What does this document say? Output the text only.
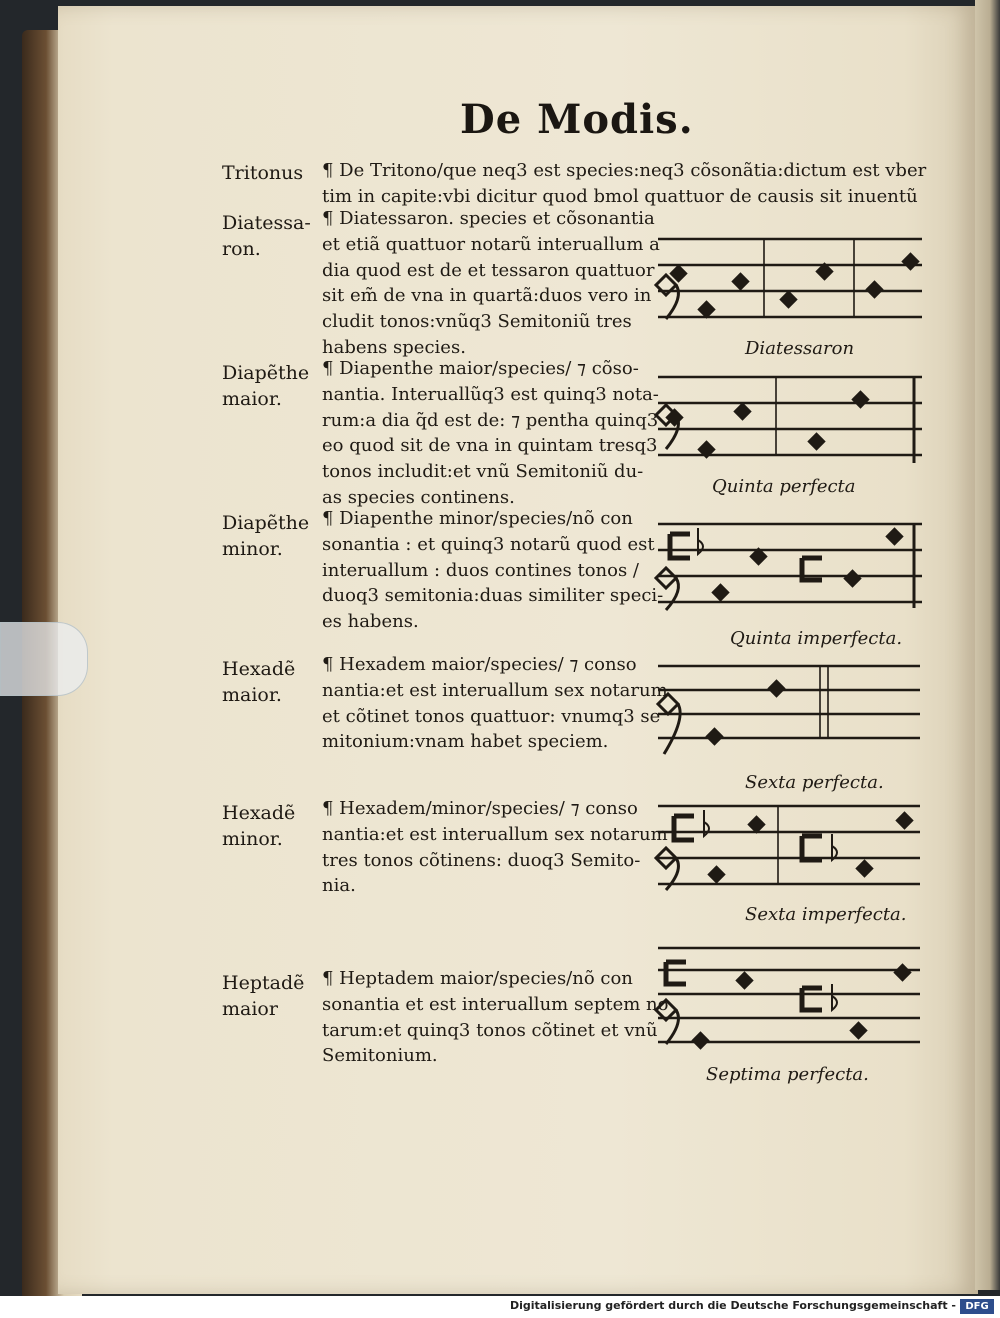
De Modis.
Tritonus	¶ De Tritono/que neq3 est species:neq3 cõsonãtia:dictum est vber
tim in capite:vbi dicitur quod bmol quattuor de causis sit inuentũ
Diatessa-
ron.
¶ Diatessaron. species et cõsonantia
et etiã quattuor notarũ interuallum a
dia quod est de et tessaron quattuor
sit em̃ de vna in quartã:duos vero in
cludit tonos:vnũq3 Semitoniũ tres
habens species.	Diatessaron
Diapẽthe
maior.
¶ Diapenthe maior/species/ ⁊ cõso-
nantia. Interuallũq3 est quinq3 nota-
rum:a dia q̃d est de: ⁊ pentha quinq3
eo quod sit de vna in quintam tresq3
tonos includit:et vnũ Semitoniũ du-
as species continens.
Quinta perfecta
Diapẽthe
minor.
¶ Diapenthe minor/species/nõ con
sonantia : et quinq3 notarũ quod est
interuallum : duos contines tonos /
duoq3 semitonia:duas similiter speci-
es habens.
Quinta imperfecta.
Hexadẽ
maior.
¶ Hexadem maior/species/ ⁊ conso
nantia:et est interuallum sex notarum
et cõtinet tonos quattuor: vnumq3 se
mitonium:vnam habet speciem.
Sexta perfecta.
Hexadẽ
minor.
¶ Hexadem/minor/species/ ⁊ conso
nantia:et est interuallum sex notarum
tres tonos cõtinens: duoq3 Semito-
nia.
Sexta imperfecta.
Heptadẽ
maior
¶ Heptadem maior/species/nõ con
sonantia et est interuallum septem no
tarum:et quinq3 tonos cõtinet et vnũ
Semitonium.
Septima perfecta.
Digitalisierung gefördert durch die Deutsche Forschungsgemeinschaft - DFG
